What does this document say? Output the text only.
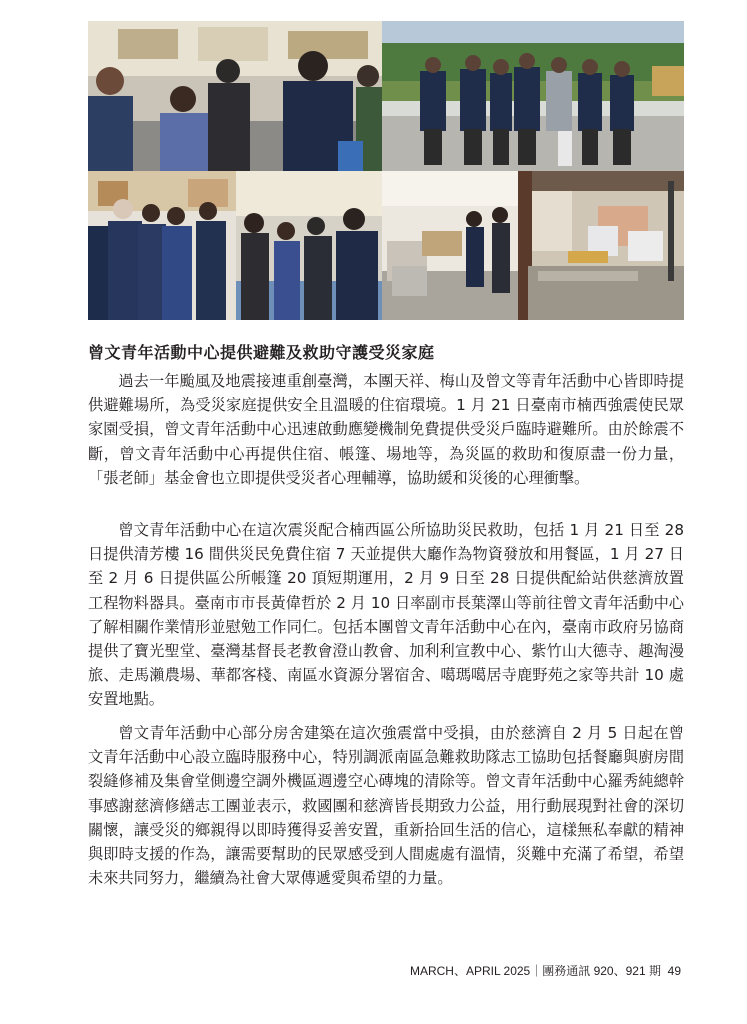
曾文青年活動中心提供避難及救助守護受災家庭

過去一年颱風及地震接連重創臺灣，本團天祥、梅山及曾文等青年活動中心皆即時提供避難場所，為受災家庭提供安全且溫暖的住宿環境。1 月 21 日臺南市楠西強震使民眾家園受損，曾文青年活動中心迅速啟動應變機制免費提供受災戶臨時避難所。由於餘震不斷，曾文青年活動中心再提供住宿、帳篷、場地等，為災區的救助和復原盡一份力量，「張老師」基金會也立即提供受災者心理輔導，協助緩和災後的心理衝擊。

曾文青年活動中心在這次震災配合楠西區公所協助災民救助，包括 1 月 21 日至 28 日提供清芳樓 16 間供災民免費住宿 7 天並提供大廳作為物資發放和用餐區，1 月 27 日至 2 月 6 日提供區公所帳篷 20 頂短期運用，2 月 9 日至 28 日提供配給站供慈濟放置工程物料器具。臺南市市長黃偉哲於 2 月 10 日率副市長葉澤山等前往曾文青年活動中心了解相關作業情形並慰勉工作同仁。包括本團曾文青年活動中心在內，臺南市政府另協商提供了寶光聖堂、臺灣基督長老教會澄山教會、加利利宣教中心、紫竹山大德寺、趣淘漫旅、走馬瀨農場、華都客棧、南區水資源分署宿舍、噶瑪噶居寺鹿野苑之家等共計 10 處安置地點。

曾文青年活動中心部分房舍建築在這次強震當中受損，由於慈濟自 2 月 5 日起在曾文青年活動中心設立臨時服務中心，特別調派南區急難救助隊志工協助包括餐廳與廚房間裂縫修補及集會堂側邊空調外機區週邊空心磚塊的清除等。曾文青年活動中心羅秀純總幹事感謝慈濟修繕志工團並表示，救國團和慈濟皆長期致力公益，用行動展現對社會的深切關懷，讓受災的鄉親得以即時獲得妥善安置，重新拾回生活的信心，這樣無私奉獻的精神與即時支援的作為，讓需要幫助的民眾感受到人間處處有溫情，災難中充滿了希望，希望未來共同努力，繼續為社會大眾傳遞愛與希望的力量。

MARCH、APRIL 2025｜團務通訊 920、921 期 49
